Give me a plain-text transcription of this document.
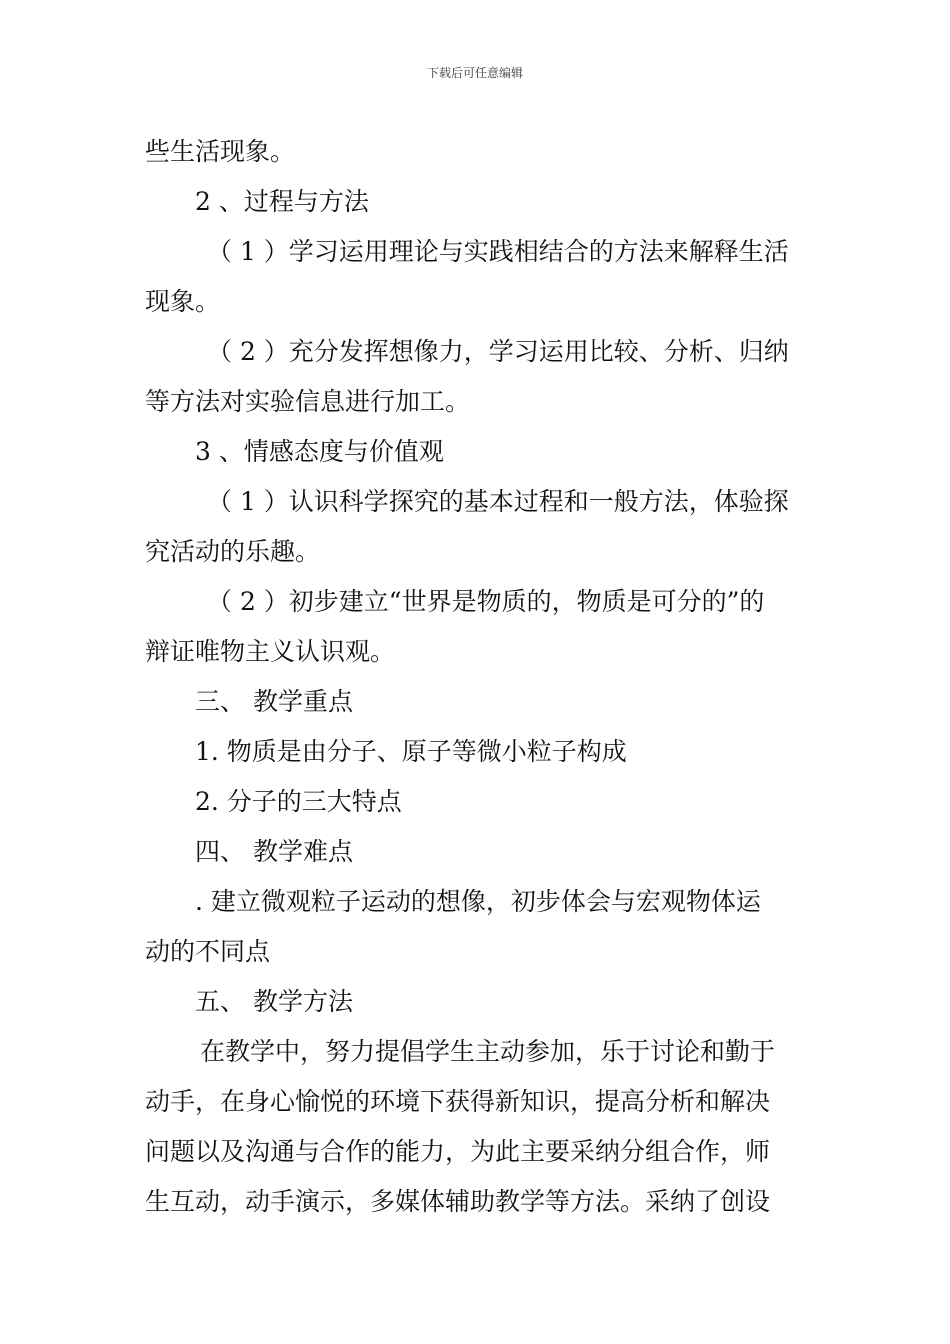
下载后可任意编辑
些生活现象。
2 、过程与方法
（ 1 ）学习运用理论与实践相结合的方法来解释生活
现象。
（ 2 ）充分发挥想像力，学习运用比较、分析、归纳
等方法对实验信息进行加工。
3 、情感态度与价值观
（ 1 ）认识科学探究的基本过程和一般方法，体验探
究活动的乐趣。
（ 2 ）初步建立“世界是物质的，物质是可分的”的
辩证唯物主义认识观。
三、 教学重点
1. 物质是由分子、原子等微小粒子构成
2. 分子的三大特点
四、 教学难点
. 建立微观粒子运动的想像，初步体会与宏观物体运
动的不同点
五、 教学方法
在教学中，努力提倡学生主动参加，乐于讨论和勤于
动手，在身心愉悦的环境下获得新知识，提高分析和解决
问题以及沟通与合作的能力，为此主要采纳分组合作，师
生互动，动手演示，多媒体辅助教学等方法。采纳了创设
